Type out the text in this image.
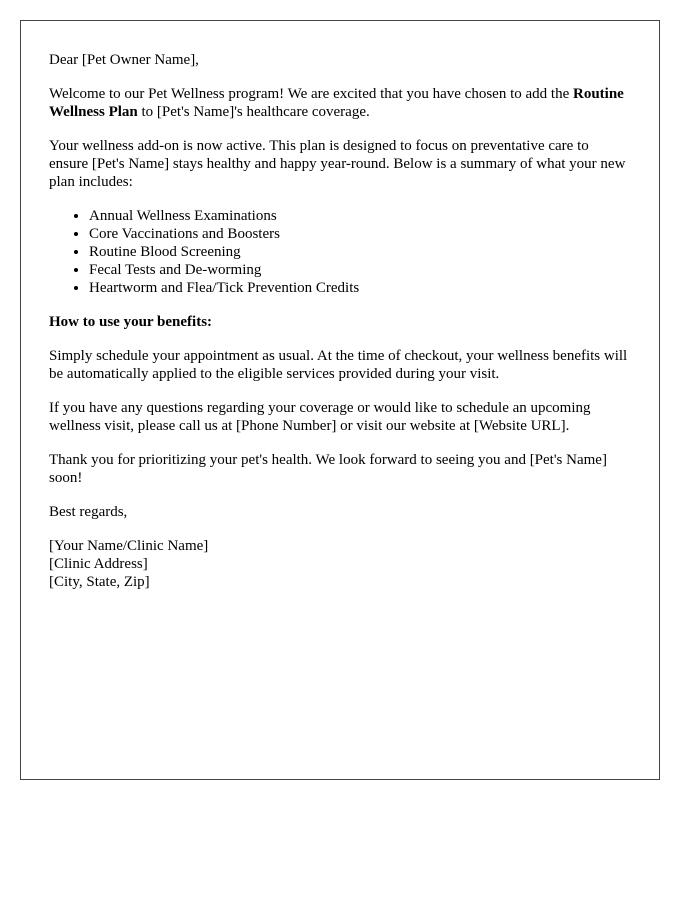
Dear [Pet Owner Name],

Welcome to our Pet Wellness program! We are excited that you have chosen to add the Routine Wellness Plan to [Pet's Name]'s healthcare coverage.

Your wellness add-on is now active. This plan is designed to focus on preventative care to ensure [Pet's Name] stays healthy and happy year-round. Below is a summary of what your new plan includes:

• Annual Wellness Examinations
• Core Vaccinations and Boosters
• Routine Blood Screening
• Fecal Tests and De-worming
• Heartworm and Flea/Tick Prevention Credits

How to use your benefits:

Simply schedule your appointment as usual. At the time of checkout, your wellness benefits will be automatically applied to the eligible services provided during your visit.

If you have any questions regarding your coverage or would like to schedule an upcoming wellness visit, please call us at [Phone Number] or visit our website at [Website URL].

Thank you for prioritizing your pet's health. We look forward to seeing you and [Pet's Name] soon!

Best regards,

[Your Name/Clinic Name]
[Clinic Address]
[City, State, Zip]
